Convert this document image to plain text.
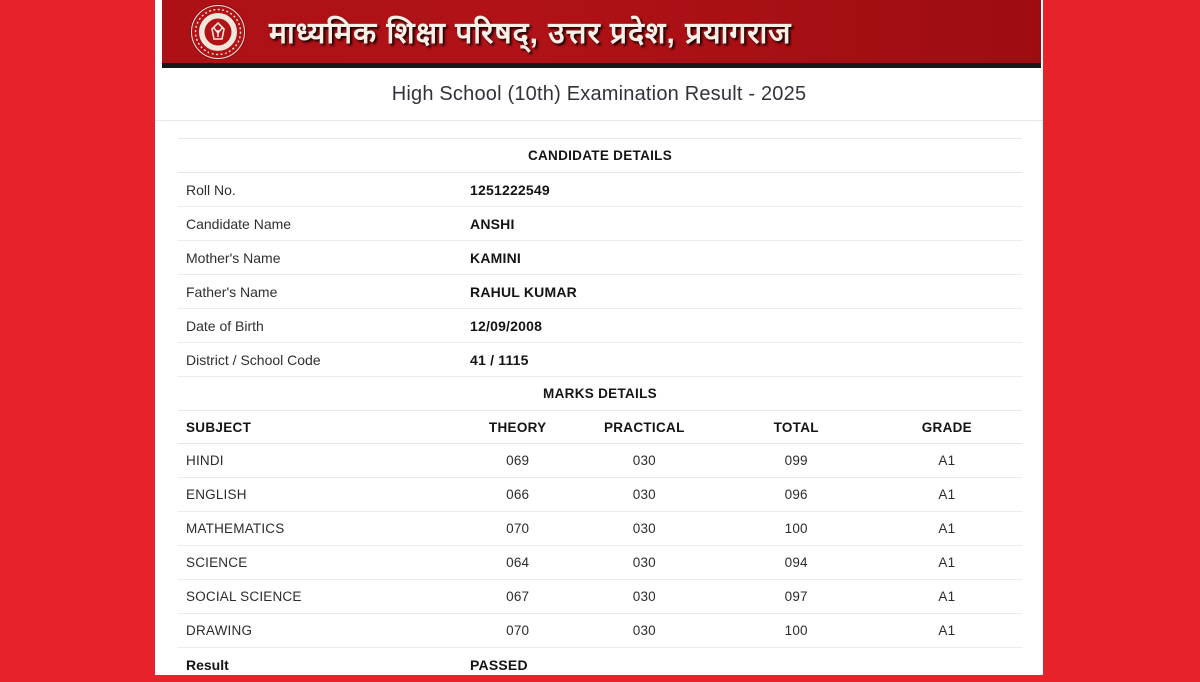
माध्यमिक शिक्षा परिषद्, उत्तर प्रदेश, प्रयागराज
High School (10th) Examination Result - 2025
CANDIDATE DETAILS
Roll No.	1251222549
Candidate Name	ANSHI
Mother's Name	KAMINI
Father's Name	RAHUL KUMAR
Date of Birth	12/09/2008
District / School Code	41 / 1115
MARKS DETAILS
SUBJECT	THEORY	PRACTICAL	TOTAL	GRADE
HINDI	069	030	099	A1
ENGLISH	066	030	096	A1
MATHEMATICS	070	030	100	A1
SCIENCE	064	030	094	A1
SOCIAL SCIENCE	067	030	097	A1
DRAWING	070	030	100	A1
Result	PASSED
